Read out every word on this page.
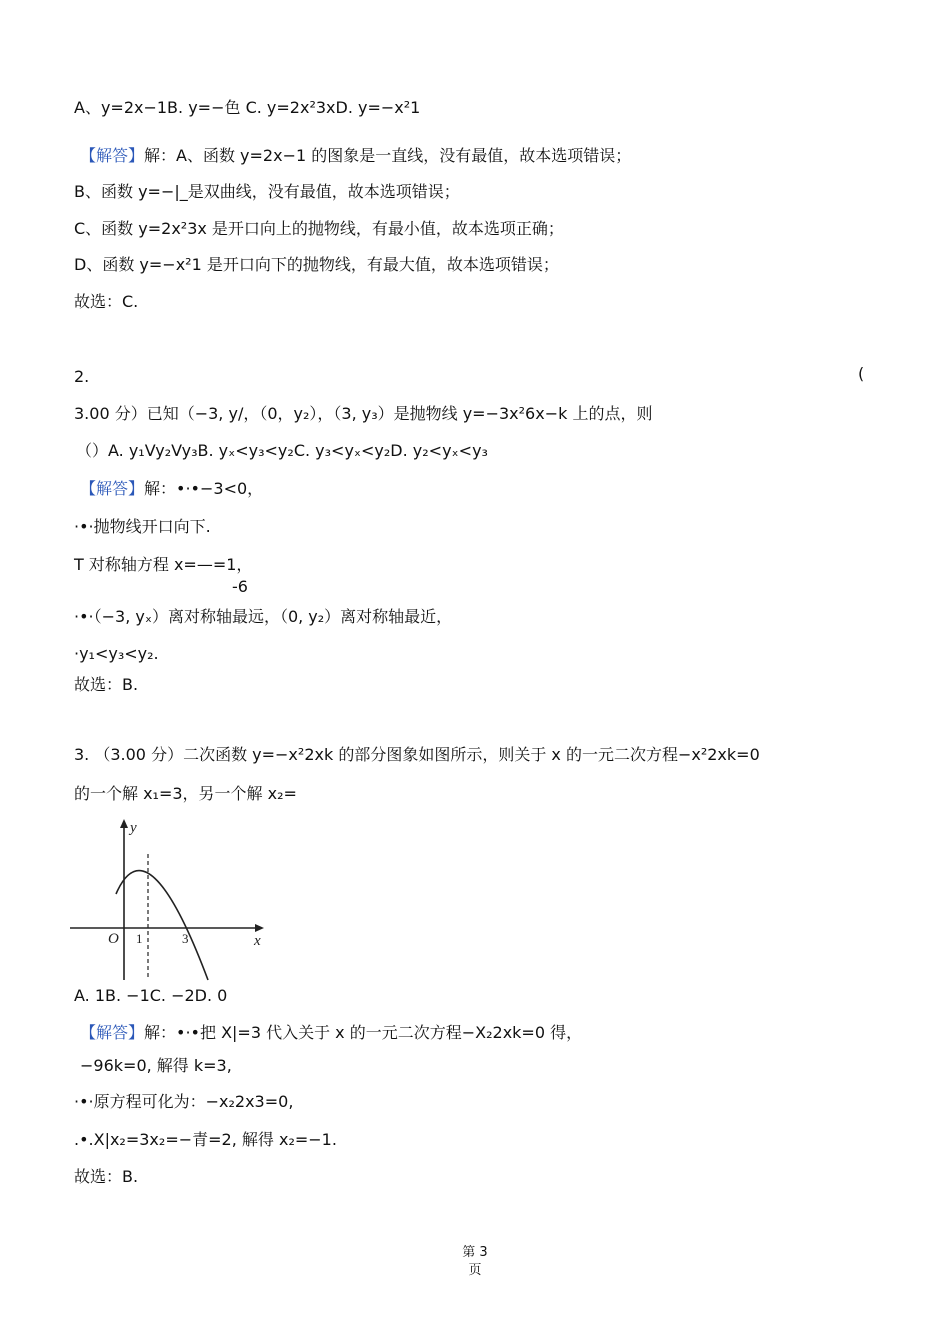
A、y=2x−1B. y=−色 C. y=2x²3xD. y=−x²1
【解答】解：A、函数 y=2x−1 的图象是一直线，没有最值，故本选项错误；
B、函数 y=−|_是双曲线，没有最值，故本选项错误；
C、函数 y=2x²3x 是开口向上的抛物线，有最小值，故本选项正确；
D、函数 y=−x²1 是开口向下的抛物线，有最大值，故本选项错误；
故选：C.
2.	(
3.00 分）已知（−3, y/，（0，y₂），（3, y₃）是抛物线 y=−3x²6x−k 上的点，则
（）A. y₁Vy₂Vy₃B. yₓ<y₃<y₂C. y₃<yₓ<y₂D. y₂<yₓ<y₃
【解答】解：•·•−3<0，
·•·抛物线开口向下.
T 对称轴方程 x=—=1，
-6
·•·（−3, yₓ）离对称轴最远，（0, y₂）离对称轴最近，
·y₁<y₃<y₂.
故选：B.
3. （3.00 分）二次函数 y=−x²2xk 的部分图象如图所示，则关于 x 的一元二次方程−x²2xk=0
的一个解 x₁=3，另一个解 x₂=
y
x
O 1	3
A. 1B. −1C. −2D. 0
【解答】解：•·•把 X|=3 代入关于 x 的一元二次方程−X₂2xk=0 得，
−96k=0, 解得 k=3,
·•·原方程可化为：−x₂2x3=0,
.•.X|x₂=3x₂=−青=2, 解得 x₂=−1.
故选：B.
第 3
页
